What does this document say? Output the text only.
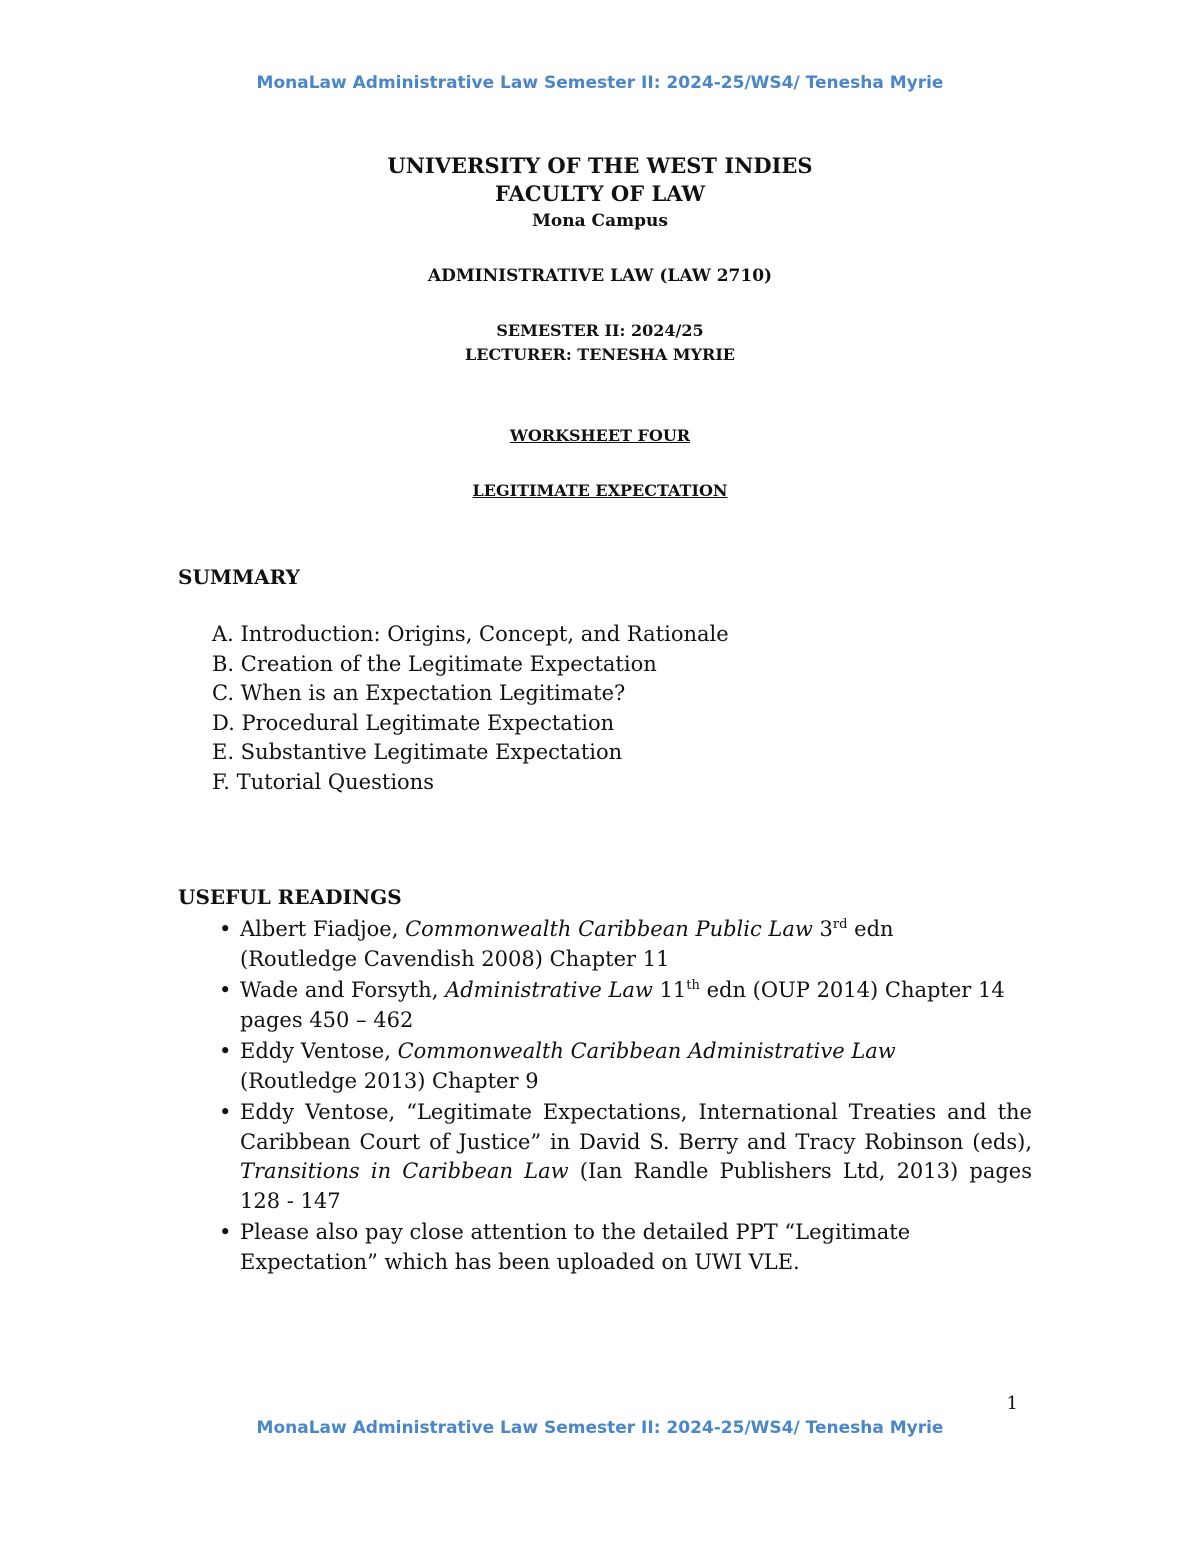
MonaLaw Administrative Law Semester II: 2024-25/WS4/ Tenesha Myrie
UNIVERSITY OF THE WEST INDIES
FACULTY OF LAW
Mona Campus
ADMINISTRATIVE LAW (LAW 2710)
SEMESTER II: 2024/25
LECTURER: TENESHA MYRIE
WORKSHEET FOUR
LEGITIMATE EXPECTATION
SUMMARY
A. Introduction: Origins, Concept, and Rationale
B. Creation of the Legitimate Expectation
C. When is an Expectation Legitimate?
D. Procedural Legitimate Expectation
E. Substantive Legitimate Expectation
F. Tutorial Questions
USEFUL READINGS

• Albert Fiadjoe, Commonwealth Caribbean Public Law 3rd edn (Routledge Cavendish 2008) Chapter 11

• Wade and Forsyth, Administrative Law 11th edn (OUP 2014) Chapter 14 pages 450 – 462

• Eddy Ventose, Commonwealth Caribbean Administrative Law (Routledge 2013) Chapter 9

• Eddy Ventose, “Legitimate Expectations, International Treaties and the Caribbean Court of Justice” in David S. Berry and Tracy Robinson (eds), Transitions in Caribbean Law (Ian Randle Publishers Ltd, 2013) pages 128 - 147

• Please also pay close attention to the detailed PPT “Legitimate Expectation” which has been uploaded on UWI VLE.

1
MonaLaw Administrative Law Semester II: 2024-25/WS4/ Tenesha Myrie
